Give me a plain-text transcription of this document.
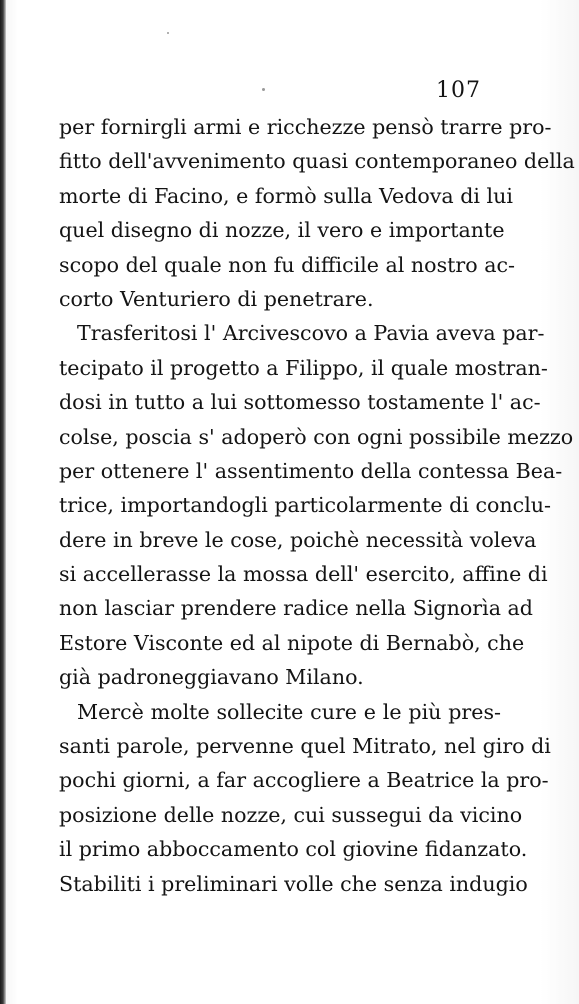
107

per fornirgli armi e ricchezze pensò trarre pro-
fitto dell'avvenimento quasi contemporaneo della
morte di Facino, e formò sulla Vedova di lui
quel disegno di nozze, il vero e importante
scopo del quale non fu difficile al nostro ac-
corto Venturiero di penetrare.

Trasferitosi l' Arcivescovo a Pavia aveva par-
tecipato il progetto a Filippo, il quale mostran-
dosi in tutto a lui sottomesso tostamente l' ac-
colse, poscia s' adoperò con ogni possibile mezzo
per ottenere l' assentimento della contessa Bea-
trice, importandogli particolarmente di conclu-
dere in breve le cose, poichè necessità voleva
si accellerasse la mossa dell' esercito, affine di
non lasciar prendere radice nella Signorìa ad
Estore Visconte ed al nipote di Bernabò, che
già padroneggiavano Milano.

Mercè molte sollecite cure e le più pres-
santi parole, pervenne quel Mitrato, nel giro di
pochi giorni, a far accogliere a Beatrice la pro-
posizione delle nozze, cui sussegui da vicino
il primo abboccamento col giovine fidanzato.
Stabiliti i preliminari volle che senza indugio
